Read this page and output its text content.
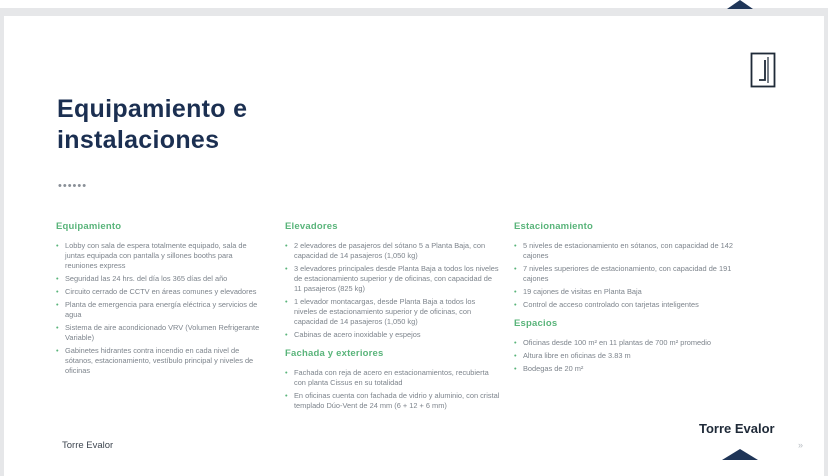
Equipamiento e
instalaciones
••••••
Equipamiento
• Lobby con sala de espera totalmente equipado, sala de juntas equipada con pantalla y sillones booths para reuniones express
• Seguridad las 24 hrs. del día los 365 días del año
• Circuito cerrado de CCTV en áreas comunes y elevadores
• Planta de emergencia para energía eléctrica y servicios de agua
• Sistema de aire acondicionado VRV (Volumen Refrigerante Variable)
• Gabinetes hidrantes contra incendio en cada nivel de sótanos, estacionamiento, vestíbulo principal y niveles de oficinas
Elevadores
• 2 elevadores de pasajeros del sótano 5 a Planta Baja, con capacidad de 14 pasajeros (1,050 kg)
• 3 elevadores principales desde Planta Baja a todos los niveles de estacionamiento superior y de oficinas, con capacidad de 11 pasajeros (825 kg)
• 1 elevador montacargas, desde Planta Baja a todos los niveles de estacionamiento superior y de oficinas, con capacidad de 14 pasajeros (1,050 kg)
• Cabinas de acero inoxidable y espejos
Fachada y exteriores
• Fachada con reja de acero en estacionamientos, recubierta con planta Cissus en su totalidad
• En oficinas cuenta con fachada de vidrio y aluminio, con cristal templado Dúo-Vent de 24 mm (6 + 12 + 6 mm)
Estacionamiento
• 5 niveles de estacionamiento en sótanos, con capacidad de 142 cajones
• 7 niveles superiores de estacionamiento, con capacidad de 191 cajones
• 19 cajones de visitas en Planta Baja
• Control de acceso controlado con tarjetas inteligentes
Espacios
• Oficinas desde 100 m² en 11 plantas de 700 m² promedio
• Altura libre en oficinas de 3.83 m
• Bodegas de 20 m²
Torre Evalor
Torre Evalor
»
